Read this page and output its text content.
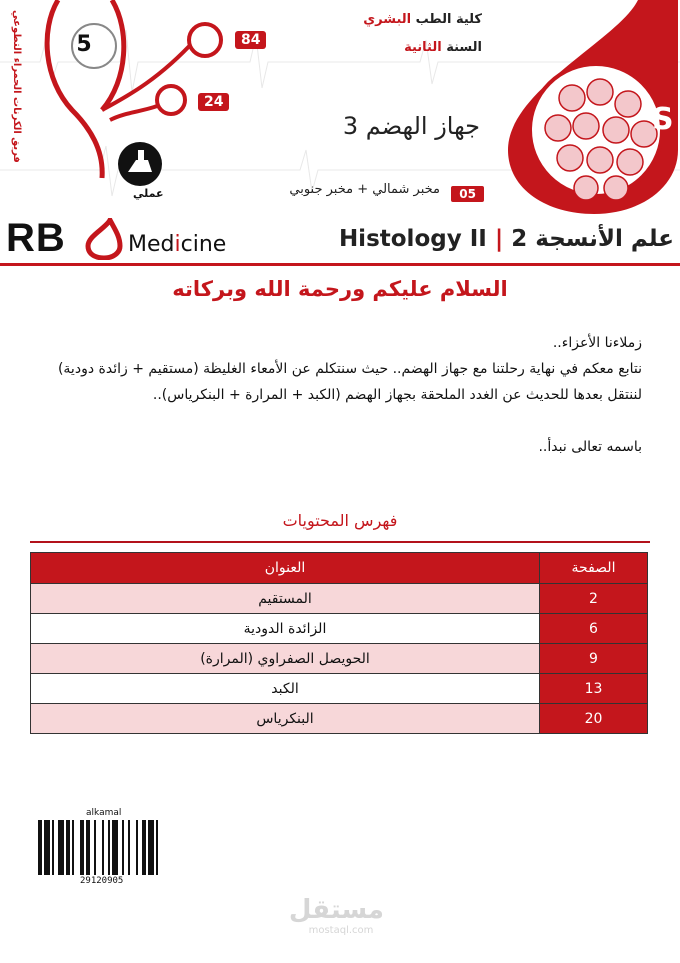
5	S.P	84
24
فريق الكرنات الحمراء التطوعي
عملي
S
كلية الطب البشري
السنة الثانية
جهاز الهضم 3
05
مخبر شمالي + مخبر جنوبي
RB	Medicine	علم الأنسجة 2 | Histology II
السلام عليكم ورحمة الله وبركاته

زملاءنا الأعزاء..

نتابع معكم في نهاية رحلتنا مع جهاز الهضم.. حيث سنتكلم عن الأمعاء الغليظة (مستقيم + زائدة دودية) لننتقل بعدها للحديث عن الغدد الملحقة بجهاز الهضم (الكبد + المرارة + البنكرياس)..

باسمه تعالى نبدأ..

فهرس المحتويات
الصفحة	العنوان
2	المستقيم
6	الزائدة الدودية
9	الحويصل الصفراوي (المرارة)
13	الكبد
20	البنكرياس
alkamal
29120905
مستقل
mostaql.com
